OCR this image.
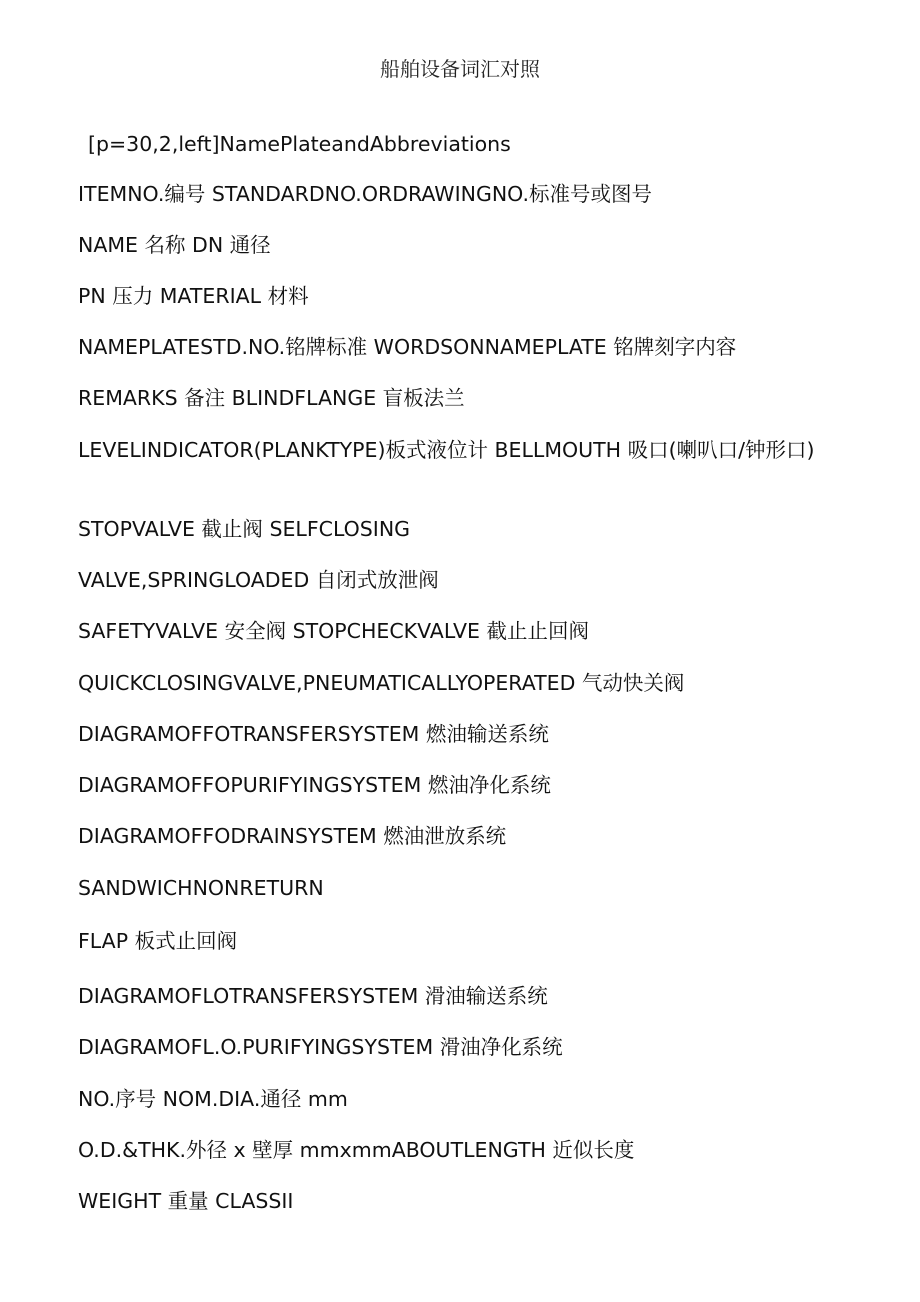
船舶设备词汇对照

[p=30,2,left]NamePlateandAbbreviations

ITEMNO.编号 STANDARDNO.ORDRAWINGNO.标准号或图号

NAME 名称 DN 通径

PN 压力 MATERIAL 材料

NAMEPLATESTD.NO.铭牌标准 WORDSONNAMEPLATE 铭牌刻字内容

REMARKS 备注 BLINDFLANGE 盲板法兰

LEVELINDICATOR(PLANKTYPE)板式液位计 BELLMOUTH 吸口(喇叭口/钟形口)

STOPVALVE 截止阀 SELFCLOSING

VALVE,SPRINGLOADED 自闭式放泄阀

SAFETYVALVE 安全阀 STOPCHECKVALVE 截止止回阀

QUICKCLOSINGVALVE,PNEUMATICALLYOPERATED 气动快关阀

DIAGRAMOFFOTRANSFERSYSTEM 燃油输送系统

DIAGRAMOFFOPURIFYINGSYSTEM 燃油净化系统

DIAGRAMOFFODRAINSYSTEM 燃油泄放系统

SANDWICHNONRETURN

FLAP 板式止回阀

DIAGRAMOFLOTRANSFERSYSTEM 滑油输送系统

DIAGRAMOFL.O.PURIFYINGSYSTEM 滑油净化系统

NO.序号 NOM.DIA.通径 mm

O.D.&THK.外径 x 壁厚 mmxmmABOUTLENGTH 近似长度

WEIGHT 重量 CLASSII
